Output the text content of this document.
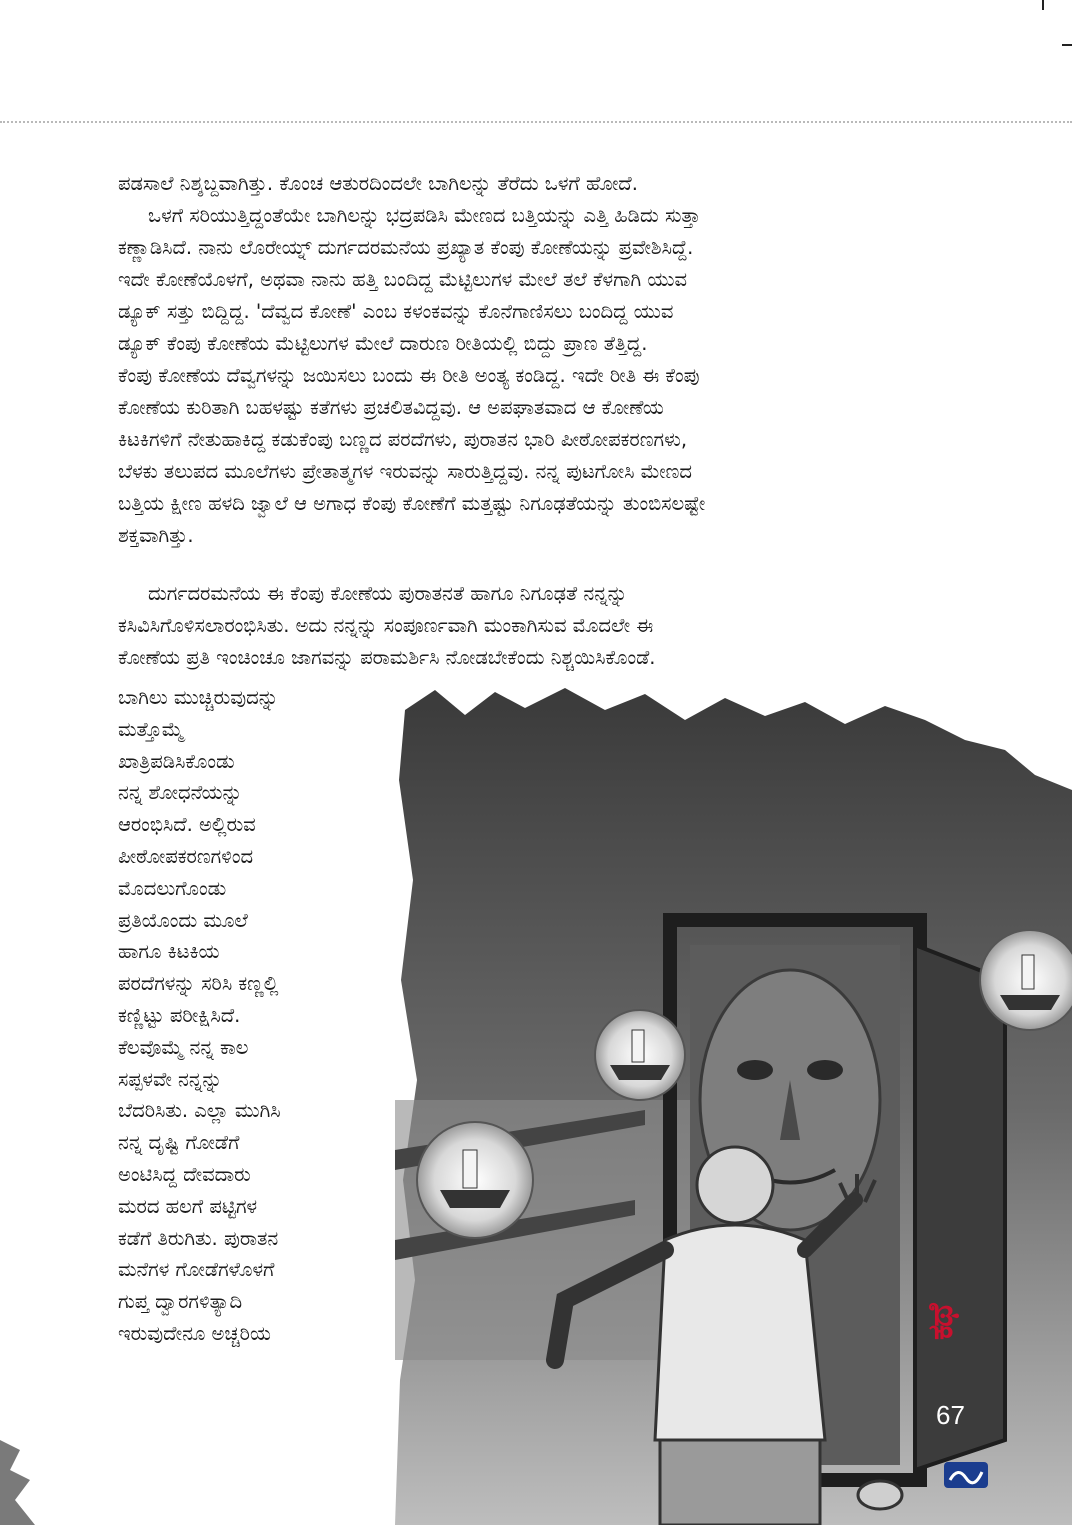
ಪಡಸಾಲೆ ನಿಶ್ಶಬ್ದವಾಗಿತ್ತು. ಕೊಂಚ ಆತುರದಿಂದಲೇ ಬಾಗಿಲನ್ನು ತೆರೆದು ಒಳಗೆ ಹೋದೆ.
ಒಳಗೆ ಸರಿಯುತ್ತಿದ್ದಂತೆಯೇ ಬಾಗಿಲನ್ನು ಭದ್ರಪಡಿಸಿ ಮೇಣದ ಬತ್ತಿಯನ್ನು ಎತ್ತಿ ಹಿಡಿದು ಸುತ್ತಾ
ಕಣ್ಣಾಡಿಸಿದೆ. ನಾನು ಲೊರೇಯ್ನ್ ದುರ್ಗದರಮನೆಯ ಪ್ರಖ್ಯಾತ ಕೆಂಪು ಕೋಣೆಯನ್ನು ಪ್ರವೇಶಿಸಿದ್ದೆ.
ಇದೇ ಕೋಣೆಯೊಳಗೆ, ಅಥವಾ ನಾನು ಹತ್ತಿ ಬಂದಿದ್ದ ಮೆಟ್ಟಿಲುಗಳ ಮೇಲೆ ತಲೆ ಕೆಳಗಾಗಿ ಯುವ
ಡ್ಯೂಕ್ ಸತ್ತು ಬಿದ್ದಿದ್ದ. 'ದೆವ್ವದ ಕೋಣೆ' ಎಂಬ ಕಳಂಕವನ್ನು ಕೊನೆಗಾಣಿಸಲು ಬಂದಿದ್ದ ಯುವ
ಡ್ಯೂಕ್ ಕೆಂಪು ಕೋಣೆಯ ಮೆಟ್ಟಿಲುಗಳ ಮೇಲೆ ದಾರುಣ ರೀತಿಯಲ್ಲಿ ಬಿದ್ದು ಪ್ರಾಣ ತೆತ್ತಿದ್ದ.
ಕೆಂಪು ಕೋಣೆಯ ದೆವ್ವಗಳನ್ನು ಜಯಿಸಲು ಬಂದು ಈ ರೀತಿ ಅಂತ್ಯ ಕಂಡಿದ್ದ. ಇದೇ ರೀತಿ ಈ ಕೆಂಪು
ಕೋಣೆಯ ಕುರಿತಾಗಿ ಬಹಳಷ್ಟು ಕತೆಗಳು ಪ್ರಚಲಿತವಿದ್ದವು. ಆ ಅಪಘಾತವಾದ ಆ ಕೋಣೆಯ
ಕಿಟಕಿಗಳಿಗೆ ನೇತುಹಾಕಿದ್ದ ಕಡುಕೆಂಪು ಬಣ್ಣದ ಪರದೆಗಳು, ಪುರಾತನ ಭಾರಿ ಪೀಠೋಪಕರಣಗಳು,
ಬೆಳಕು ತಲುಪದ ಮೂಲೆಗಳು ಪ್ರೇತಾತ್ಮಗಳ ಇರುವನ್ನು ಸಾರುತ್ತಿದ್ದವು. ನನ್ನ ಪುಟಗೋಸಿ ಮೇಣದ
ಬತ್ತಿಯ ಕ್ಷೀಣ ಹಳದಿ ಜ್ವಾಲೆ ಆ ಅಗಾಧ ಕೆಂಪು ಕೋಣೆಗೆ ಮತ್ತಷ್ಟು ನಿಗೂಢತೆಯನ್ನು ತುಂಬಿಸಲಷ್ಟೇ
ಶಕ್ತವಾಗಿತ್ತು.
ದುರ್ಗದರಮನೆಯ ಈ ಕೆಂಪು ಕೋಣೆಯ ಪುರಾತನತೆ ಹಾಗೂ ನಿಗೂಢತೆ ನನ್ನನ್ನು
ಕಸಿವಿಸಿಗೊಳಿಸಲಾರಂಭಿಸಿತು. ಅದು ನನ್ನನ್ನು ಸಂಪೂರ್ಣವಾಗಿ ಮಂಕಾಗಿಸುವ ಮೊದಲೇ ಈ
ಕೋಣೆಯ ಪ್ರತಿ ಇಂಚಿಂಚೂ ಜಾಗವನ್ನು ಪರಾಮರ್ಶಿಸಿ ನೋಡಬೇಕೆಂದು ನಿಶ್ಚಯಿಸಿಕೊಂಡೆ.
ಬಾಗಿಲು ಮುಚ್ಚಿರುವುದನ್ನು
ಮತ್ತೊಮ್ಮೆ
ಖಾತ್ರಿಪಡಿಸಿಕೊಂಡು
ನನ್ನ ಶೋಧನೆಯನ್ನು
ಆರಂಭಿಸಿದೆ. ಅಲ್ಲಿರುವ
ಪೀಠೋಪಕರಣಗಳಿಂದ
ಮೊದಲುಗೊಂಡು
ಪ್ರತಿಯೊಂದು ಮೂಲೆ
ಹಾಗೂ ಕಿಟಕಿಯ
ಪರದೆಗಳನ್ನು ಸರಿಸಿ ಕಣ್ಣಲ್ಲಿ
ಕಣ್ಣಿಟ್ಟು ಪರೀಕ್ಷಿಸಿದೆ.
ಕೆಲವೊಮ್ಮೆ ನನ್ನ ಕಾಲ
ಸಪ್ಪಳವೇ ನನ್ನನ್ನು
ಬೆದರಿಸಿತು. ಎಲ್ಲಾ ಮುಗಿಸಿ
ನನ್ನ ದೃಷ್ಟಿ ಗೋಡೆಗೆ
ಅಂಟಿಸಿದ್ದ ದೇವದಾರು
ಮರದ ಹಲಗೆ ಪಟ್ಟಿಗಳ
ಕಡೆಗೆ ತಿರುಗಿತು. ಪುರಾತನ
ಮನೆಗಳ ಗೋಡೆಗಳೊಳಗೆ
ಗುಪ್ತ ದ್ವಾರಗಳಿತ್ಯಾದಿ
ಇರುವುದೇನೂ ಅಚ್ಚರಿಯ	ಕಥೆ
67
